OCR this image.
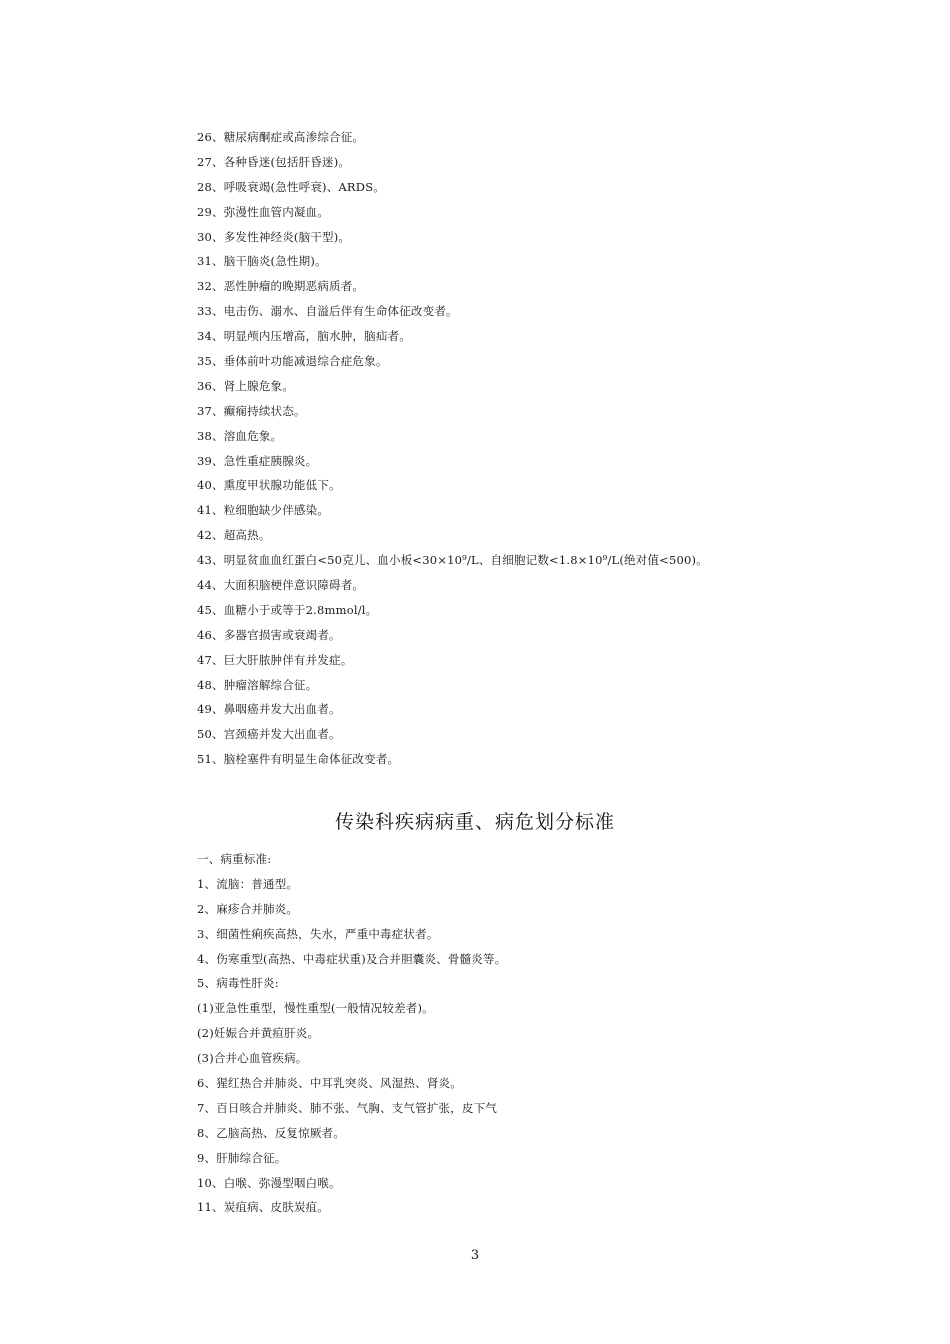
26、糖尿病酮症或高渗综合征。
27、各种昏迷(包括肝昏迷)。
28、呼吸衰竭(急性呼衰)、ARDS。
29、弥漫性血管内凝血。
30、多发性神经炎(脑干型)。
31、脑干脑炎(急性期)。
32、恶性肿瘤的晚期恶病质者。
33、电击伤、溺水、自溢后伴有生命体征改变者。
34、明显颅内压增高，脑水肿，脑疝者。
35、垂体前叶功能减退综合症危象。
36、肾上腺危象。
37、癫痫持续状态。
38、溶血危象。
39、急性重症胰腺炎。
40、熏度甲状腺功能低下。
41、粒细胞缺少伴感染。
42、超高热。
43、明显贫血血红蛋白<50克儿、血小板<30×10⁹/L、自细胞记数<1.8×10⁹/L(绝对值<500)。
44、大面积脑梗伴意识障碍者。
45、血糖小于或等于2.8mmol/l。
46、多器官损害或衰竭者。
47、巨大肝脓肿伴有并发症。
48、肿瘤溶解综合征。
49、鼻咽癌并发大出血者。
50、宫颈癌并发大出血者。
51、脑栓塞件有明显生命体征改变者。
传染科疾病病重、病危划分标准
一、病重标准:
1、流脑：普通型。
2、麻疹合并肺炎。
3、细菌性痢疾高热，失水，严重中毒症状者。
4、伤寒重型(高热、中毒症状重)及合并胆囊炎、骨髓炎等。
5、病毒性肝炎:
(1)亚急性重型，慢性重型(一般情况较差者)。
(2)妊娠合并黄疸肝炎。
(3)合并心血管疾病。
6、猩红热合并肺炎、中耳乳突炎、风湿热、肾炎。
7、百日咳合并肺炎、肺不张、气胸、支气管扩张，皮下气
8、乙脑高热、反复惊厥者。
9、肝肺综合征。
10、白喉、弥漫型咽白喉。
11、炭疽病、皮肤炭疽。
3
